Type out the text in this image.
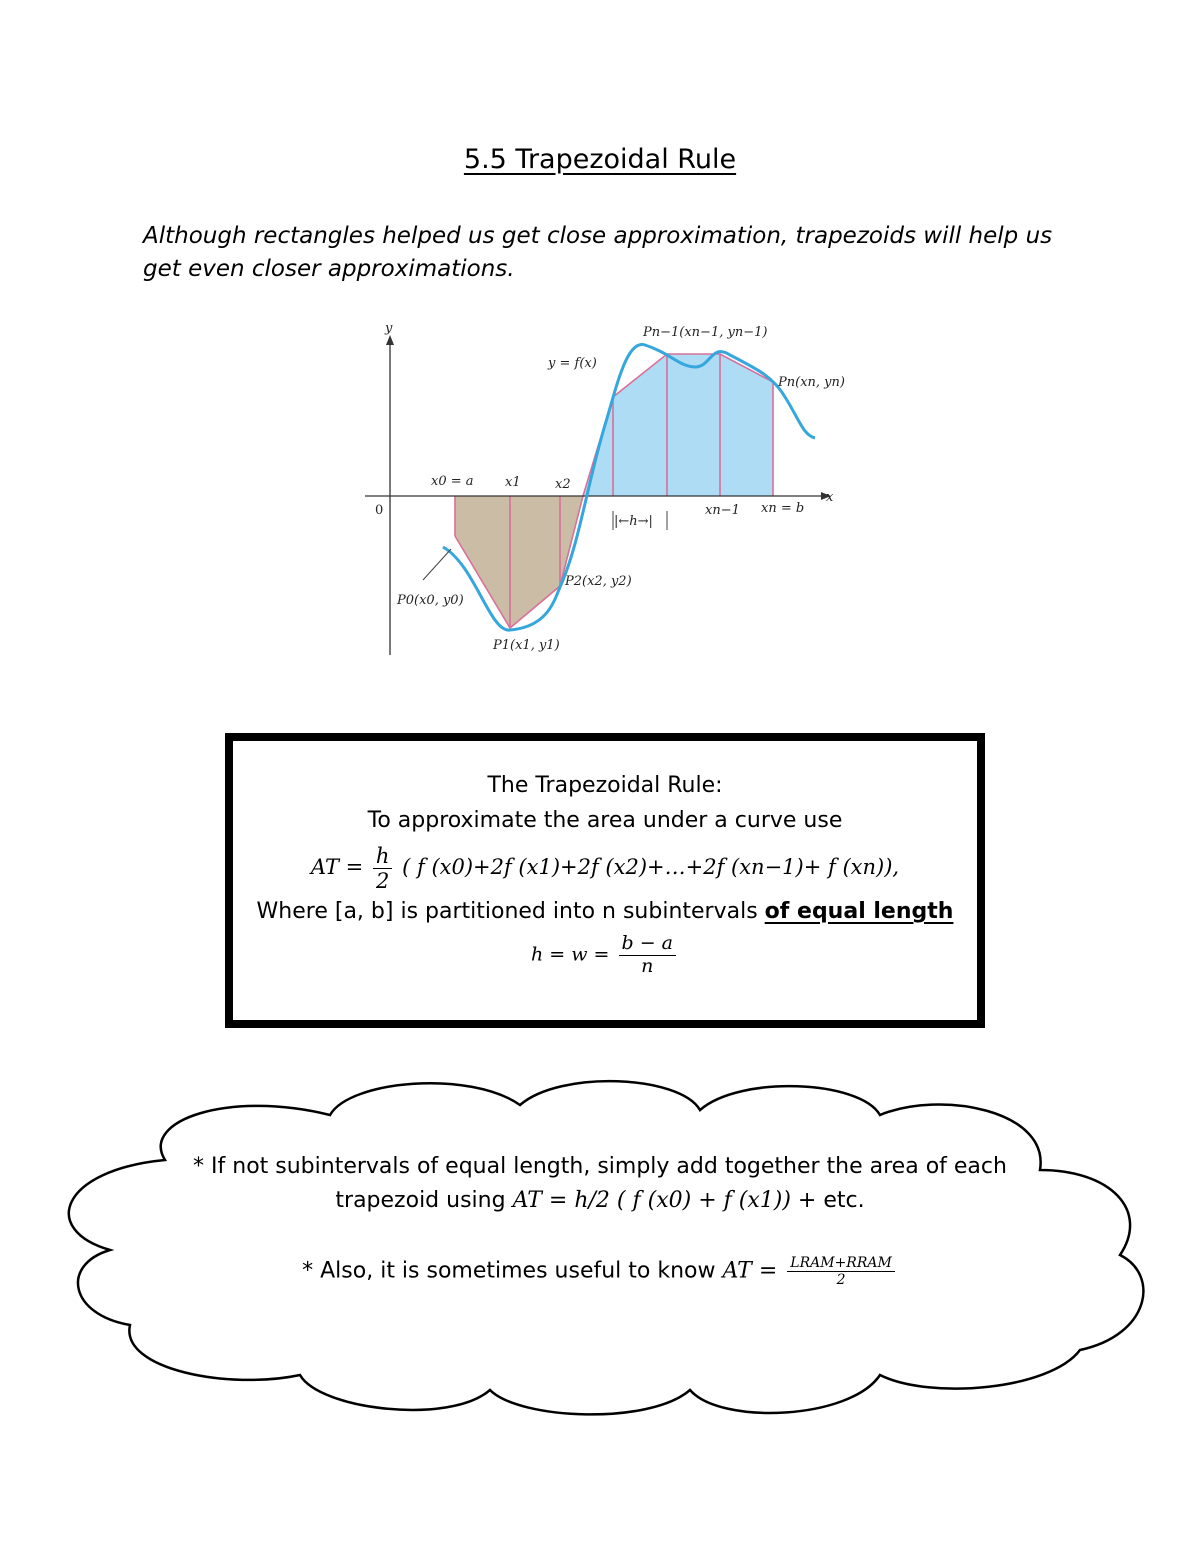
5.5 Trapezoidal Rule
Although rectangles helped us get close approximation, trapezoids will help us get even closer approximations.
y
x
0
y = f(x)
Pn−1(xn−1, yn−1)
Pn(xn, yn)
P0(x0, y0)
P1(x1, y1)
P2(x2, y2)
x0 = a x1	x2
xn−1 xn = b
|←h→|
The Trapezoidal Rule:
To approximate the area under a curve use
AT = $\frac{h}{2}$ ( f (x0)+2f (x1)+2f (x2)+…+2f (xn−1)+ f (xn)),
Where [a, b] is partitioned into n subintervals of equal length
$h = w = \frac{b - a}{n}$
* If not subintervals of equal length, simply add together the area of each
trapezoid using AT = h/2 ( f (x0) + f (x1)) + etc.
* Also, it is sometimes useful to know AT = $\frac{\text{LRAM+RRAM}}{2}$
